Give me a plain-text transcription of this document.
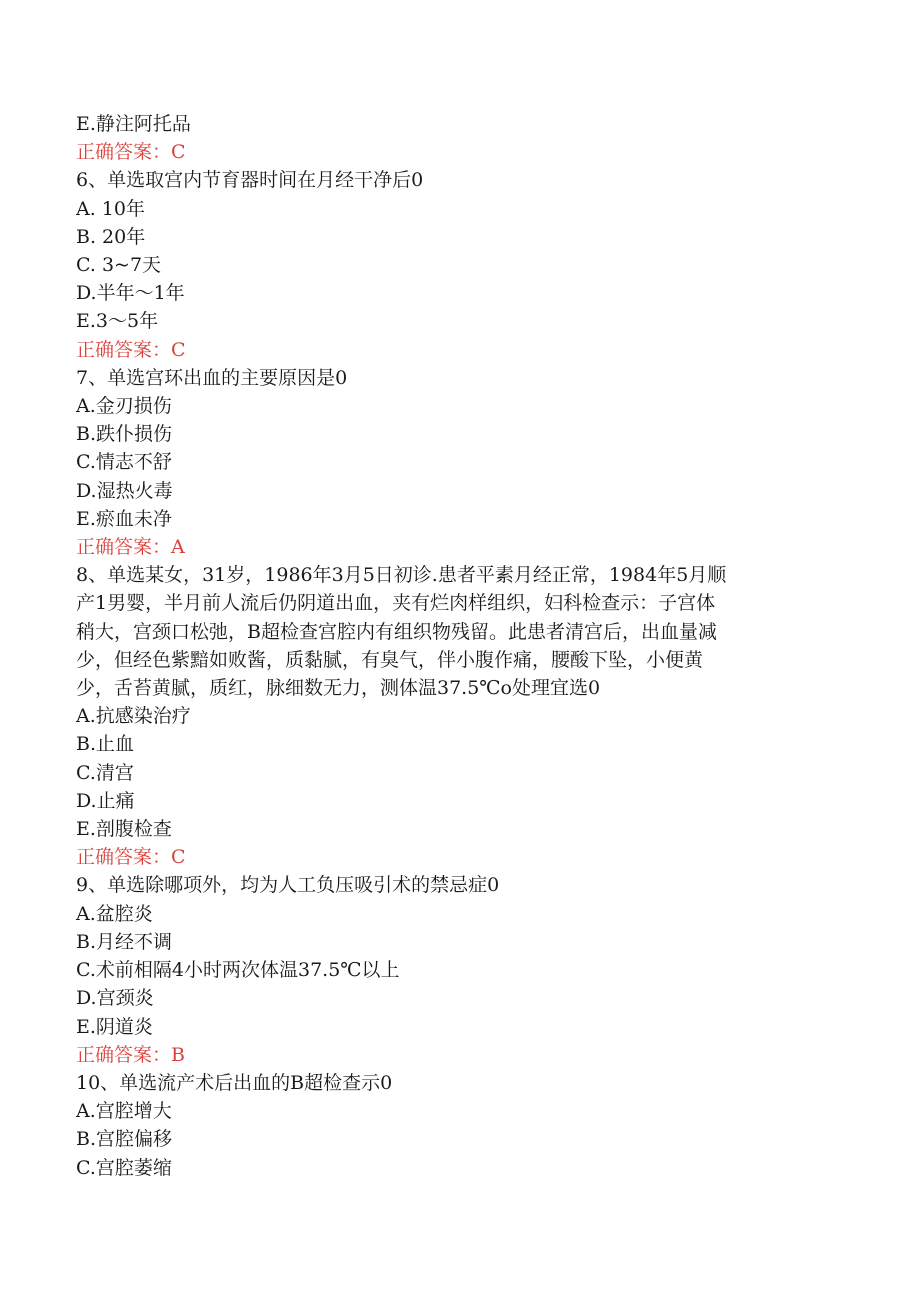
E.静注阿托品

正确答案：C

6、单选取宫内节育器时间在月经干净后0

A. 10年

B. 20年

C. 3~7天

D.半年～1年

E.3～5年

正确答案：C

7、单选宫环出血的主要原因是0

A.金刃损伤

B.跌仆损伤

C.情志不舒

D.湿热火毒

E.瘀血未净

正确答案：A

8、单选某女，31岁，1986年3月5日初诊.患者平素月经正常，1984年5月顺

产1男婴，半月前人流后仍阴道出血，夹有烂肉样组织，妇科检查示：子宫体

稍大，宫颈口松弛，B超检查宫腔内有组织物残留。此患者清宫后，出血量减

少，但经色紫黯如败酱，质黏腻，有臭气，伴小腹作痛，腰酸下坠，小便黄

少，舌苔黄腻，质红，脉细数无力，测体温37.5℃o处理宜选0

A.抗感染治疗

B.止血

C.清宫

D.止痛

E.剖腹检查

正确答案：C

9、单选除哪项外，均为人工负压吸引术的禁忌症0

A.盆腔炎

B.月经不调

C.术前相隔4小时两次体温37.5℃以上

D.宫颈炎

E.阴道炎

正确答案：B

10、单选流产术后出血的B超检查示0

A.宫腔增大

B.宫腔偏移

C.宫腔萎缩
